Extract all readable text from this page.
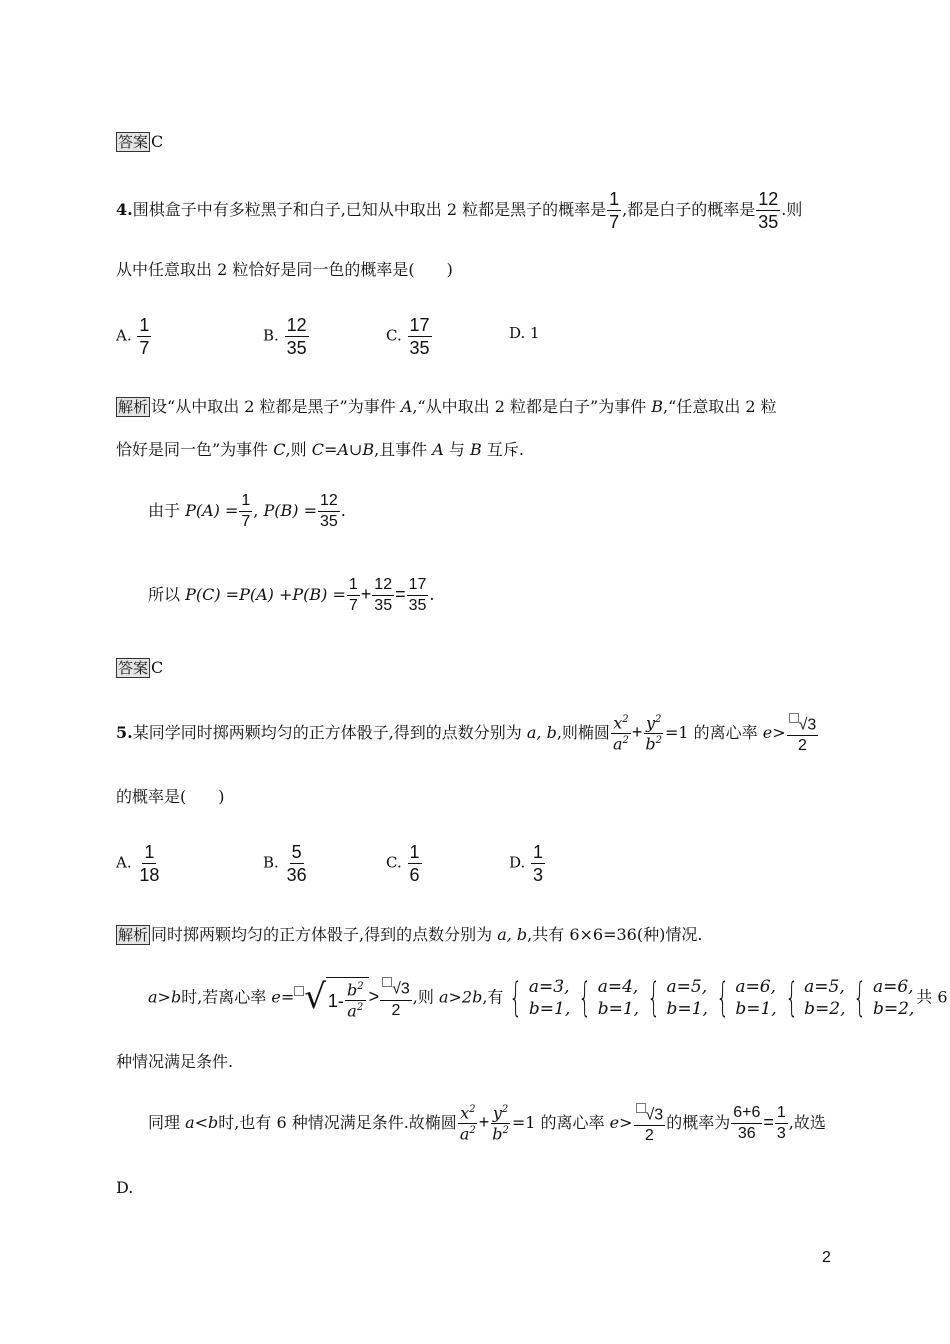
答案 C
4.围棋盒子中有多粒黑子和白子,已知从中取出 2 粒都是黑子的概率是 $\frac{1}{7}$ ,都是白子的概率是 $\frac{12}{35}$ .则
从中任意取出 2 粒恰好是同一色的概率是(　　)
A. $\frac{1}{7}$	B. $\frac{12}{35}$	C. $\frac{17}{35}$	D. 1
解析 设“从中取出 2 粒都是黑子”为事件 A,“从中取出 2 粒都是白子”为事件 B,“任意取出 2 粒
恰好是同一色”为事件 C,则 C=A∪B,且事件 A 与 B 互斥.
由于 $P(A) = \frac{1}{7}$ , $P(B) = \frac{12}{35}$ .
所以 $P(C) =P(A) +P(B) = \frac{1}{7} + \frac{12}{35} = \frac{17}{35}$ .
答案 C
5.某同学同时掷两颗均匀的正方体骰子,得到的点数分别为 a, b,则椭圆 $\frac{x^2}{a^2} + \frac{y^2}{b^2} =1$ 的离心率 $e> \frac{√3}{2}$
的概率是(　　)
A. $\frac{1}{18}$	B. $\frac{5}{36}$	C. $\frac{1}{6}$	D. $\frac{1}{3}$
解析 同时掷两颗均匀的正方体骰子,得到的点数分别为 a, b,共有 6×6=36(种)情况.
a>b时,若离心率 e= √ $1- \frac{b^2}{a^2} > \frac{√3}{2}$ ,则 a>2b,有 { a=3,
b=1, { a=4,
b=1, { a=5,
b=1, { a=6,
b=1, { a=5,
b=2, { a=6,
b=2,
共 6
种情况满足条件.
同理 a<b时,也有 6 种情况满足条件.故椭圆 $\frac{x^2}{a^2} + \frac{y^2}{b^2} =1$ 的离心率 $e> \frac{√3}{2}$ 的概率为 $\frac{6+6}{36} = \frac{1}{3}$ ,故选
D.
2
